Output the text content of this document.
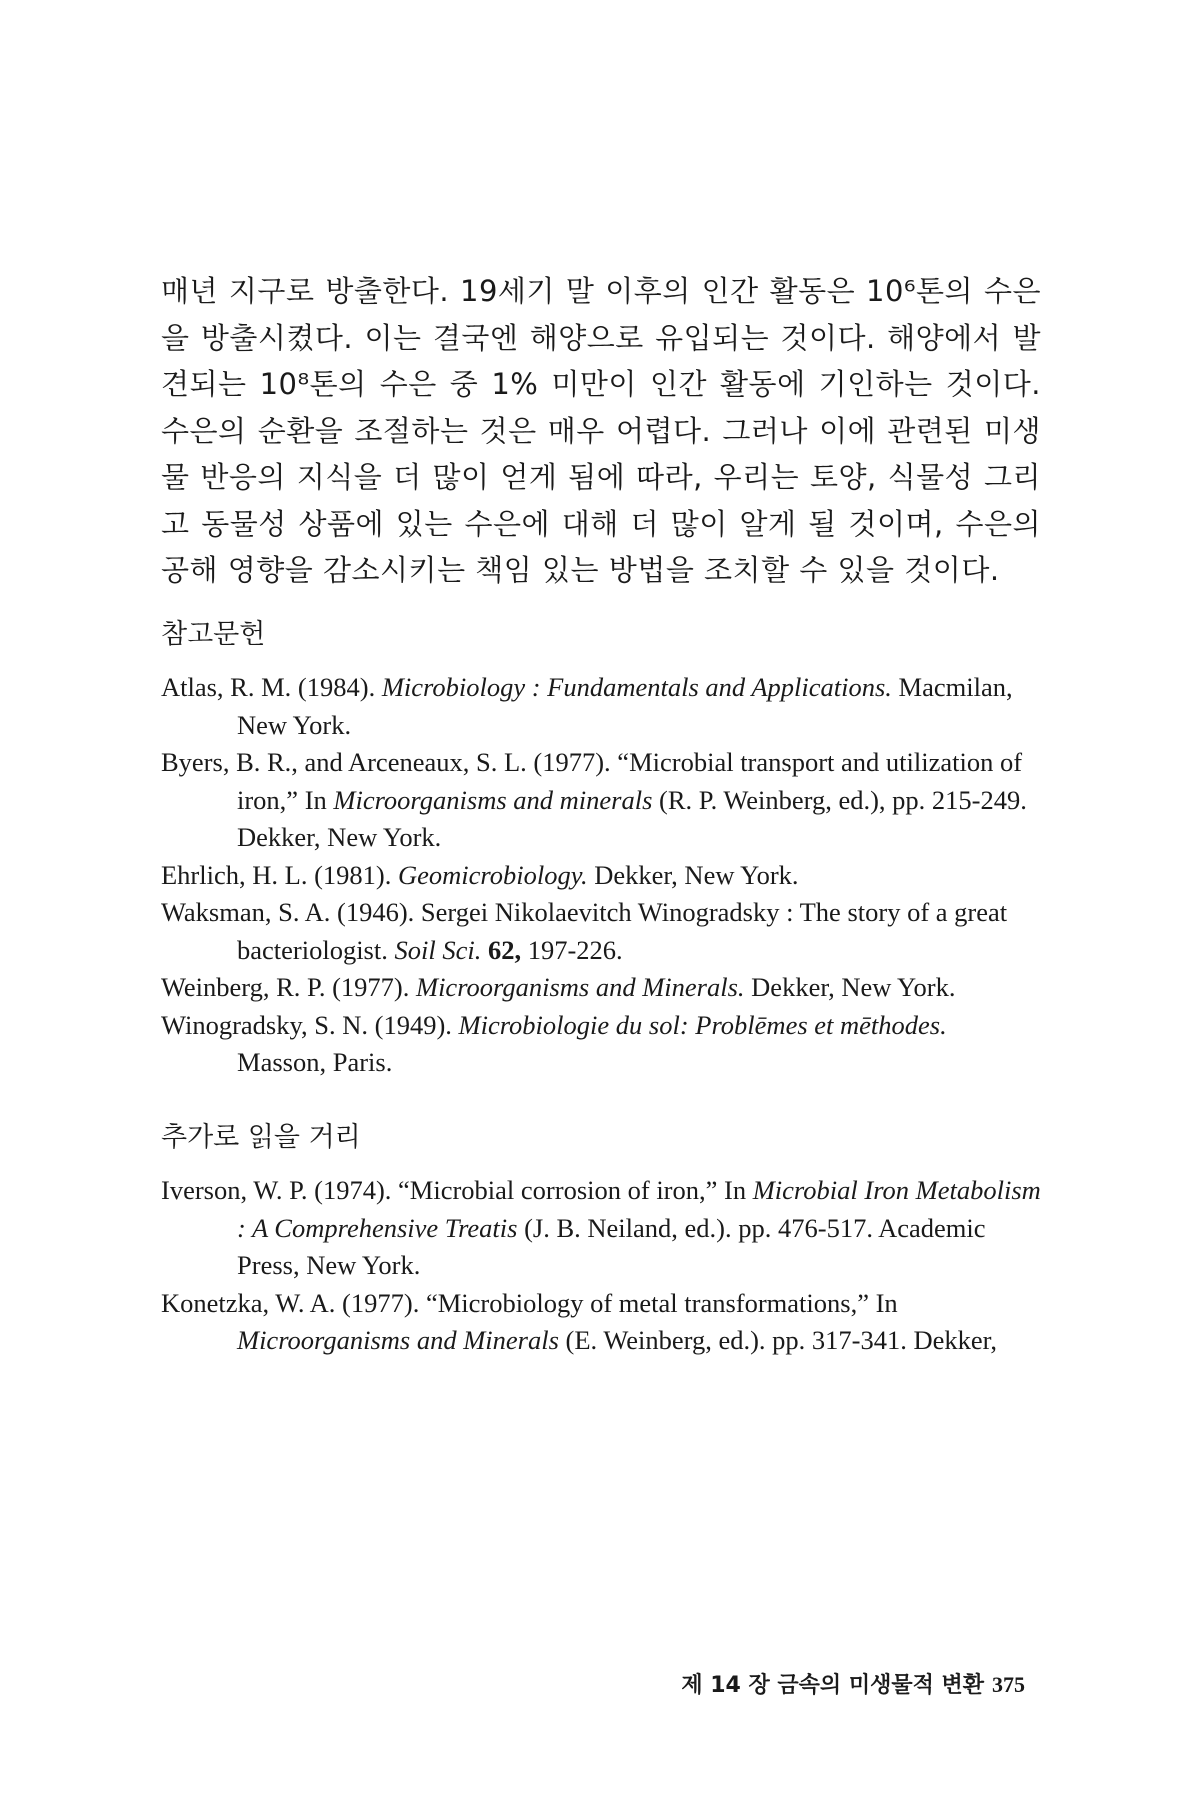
매년 지구로 방출한다. 19세기 말 이후의 인간 활동은 10⁶톤의 수은을 방출시켰다. 이는 결국엔 해양으로 유입되는 것이다. 해양에서 발견되는 10⁸톤의 수은 중 1% 미만이 인간 활동에 기인하는 것이다. 수은의 순환을 조절하는 것은 매우 어렵다. 그러나 이에 관련된 미생물 반응의 지식을 더 많이 얻게 됨에 따라, 우리는 토양, 식물성 그리고 동물성 상품에 있는 수은에 대해 더 많이 알게 될 것이며, 수은의 공해 영향을 감소시키는 책임 있는 방법을 조치할 수 있을 것이다.

참고문헌
Atlas, R. M. (1984). Microbiology : Fundamentals and Applications. Macmilan, New York.
Byers, B. R., and Arceneaux, S. L. (1977). “Microbial transport and utilization of iron,” In Microorganisms and minerals (R. P. Weinberg, ed.), pp. 215-249. Dekker, New York.
Ehrlich, H. L. (1981). Geomicrobiology. Dekker, New York.
Waksman, S. A. (1946). Sergei Nikolaevitch Winogradsky : The story of a great bacteriologist. Soil Sci. 62, 197-226.
Weinberg, R. P. (1977). Microorganisms and Minerals. Dekker, New York.
Winogradsky, S. N. (1949). Microbiologie du sol: Problēmes et mēthodes. Masson, Paris.
추가로 읽을 거리
Iverson, W. P. (1974). “Microbial corrosion of iron,” In Microbial Iron Metabolism : A Comprehensive Treatis (J. B. Neiland, ed.). pp. 476-517. Academic Press, New York.
Konetzka, W. A. (1977). “Microbiology of metal transformations,” In Microorganisms and Minerals (E. Weinberg, ed.). pp. 317-341. Dekker,
제 14 장 금속의 미생물적 변환 375
